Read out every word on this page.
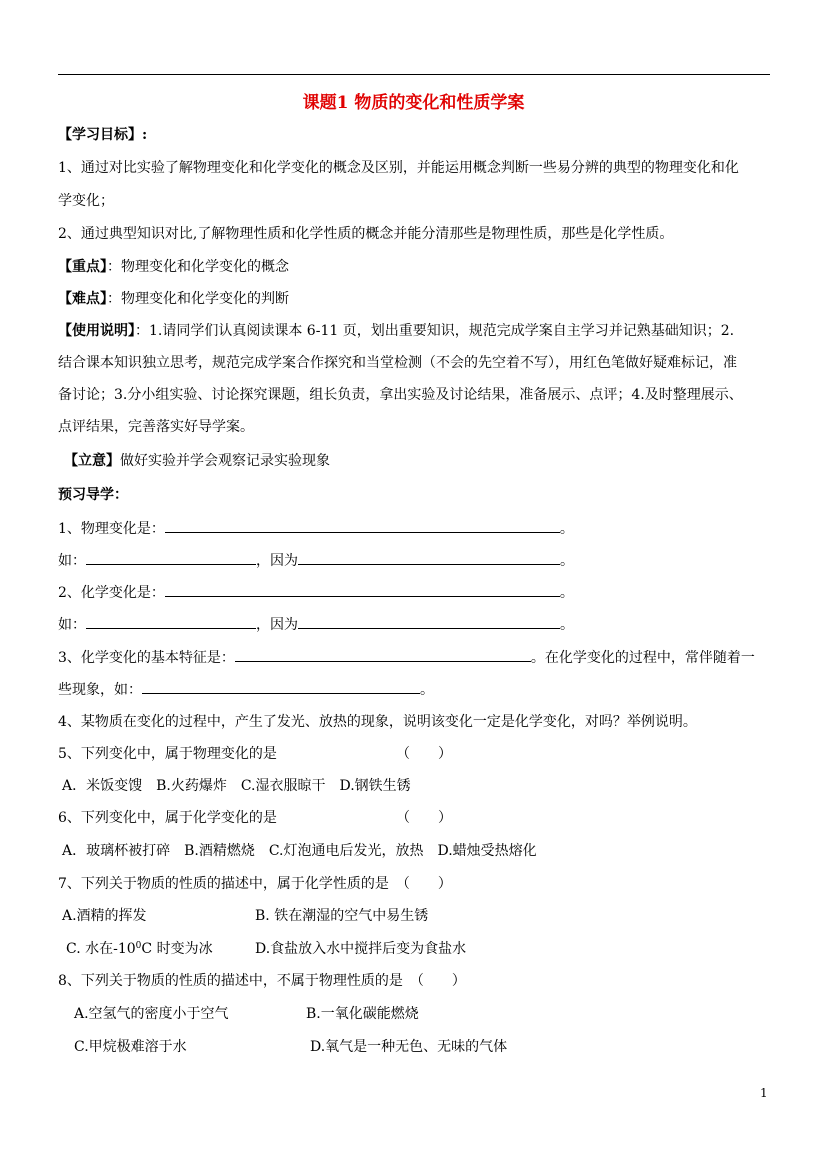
课题1 物质的变化和性质学案
【学习目标】:
1、通过对比实验了解物理变化和化学变化的概念及区别，并能运用概念判断一些易分辨的典型的物理变化和化
学变化；
2、通过典型知识对比,了解物理性质和化学性质的概念并能分清那些是物理性质，那些是化学性质。
【重点】：物理变化和化学变化的概念
【难点】：物理变化和化学变化的判断
【使用说明】：1.请同学们认真阅读课本 6-11 页，划出重要知识，规范完成学案自主学习并记熟基础知识；2.
结合课本知识独立思考，规范完成学案合作探究和当堂检测（不会的先空着不写），用红色笔做好疑难标记，准
备讨论；3.分小组实验、讨论探究课题，组长负责，拿出实验及讨论结果，准备展示、点评；4.及时整理展示、
点评结果，完善落实好导学案。
【立意】做好实验并学会观察记录实验现象
预习导学：
1、物理变化是：	。
如：	，因为	。
2、化学变化是：	。
如：	，因为	。
3、化学变化的基本特征是：	。在化学变化的过程中，常伴随着一
些现象，如：	。
4、某物质在变化的过程中，产生了发光、放热的现象，说明该变化一定是化学变化，对吗？举例说明。
5、下列变化中，属于物理变化的是	（　　）
A．米饭变馊　B.火药爆炸　C.湿衣服晾干　D.钢铁生锈
6、下列变化中，属于化学变化的是	（　　）
A．玻璃杯被打碎　B.酒精燃烧　C.灯泡通电后发光，放热　D.蜡烛受热熔化
7、下列关于物质的性质的描述中，属于化学性质的是　（　　）
A.酒精的挥发	B. 铁在潮湿的空气中易生锈
C. 水在$-10^0C$ 时变为冰	D.食盐放入水中搅拌后变为食盐水
8、下列关于物质的性质的描述中，不属于物理性质的是　（　　）
A.空氢气的密度小于空气	B.一氧化碳能燃烧
C.甲烷极难溶于水	D.氧气是一种无色、无味的气体
1
